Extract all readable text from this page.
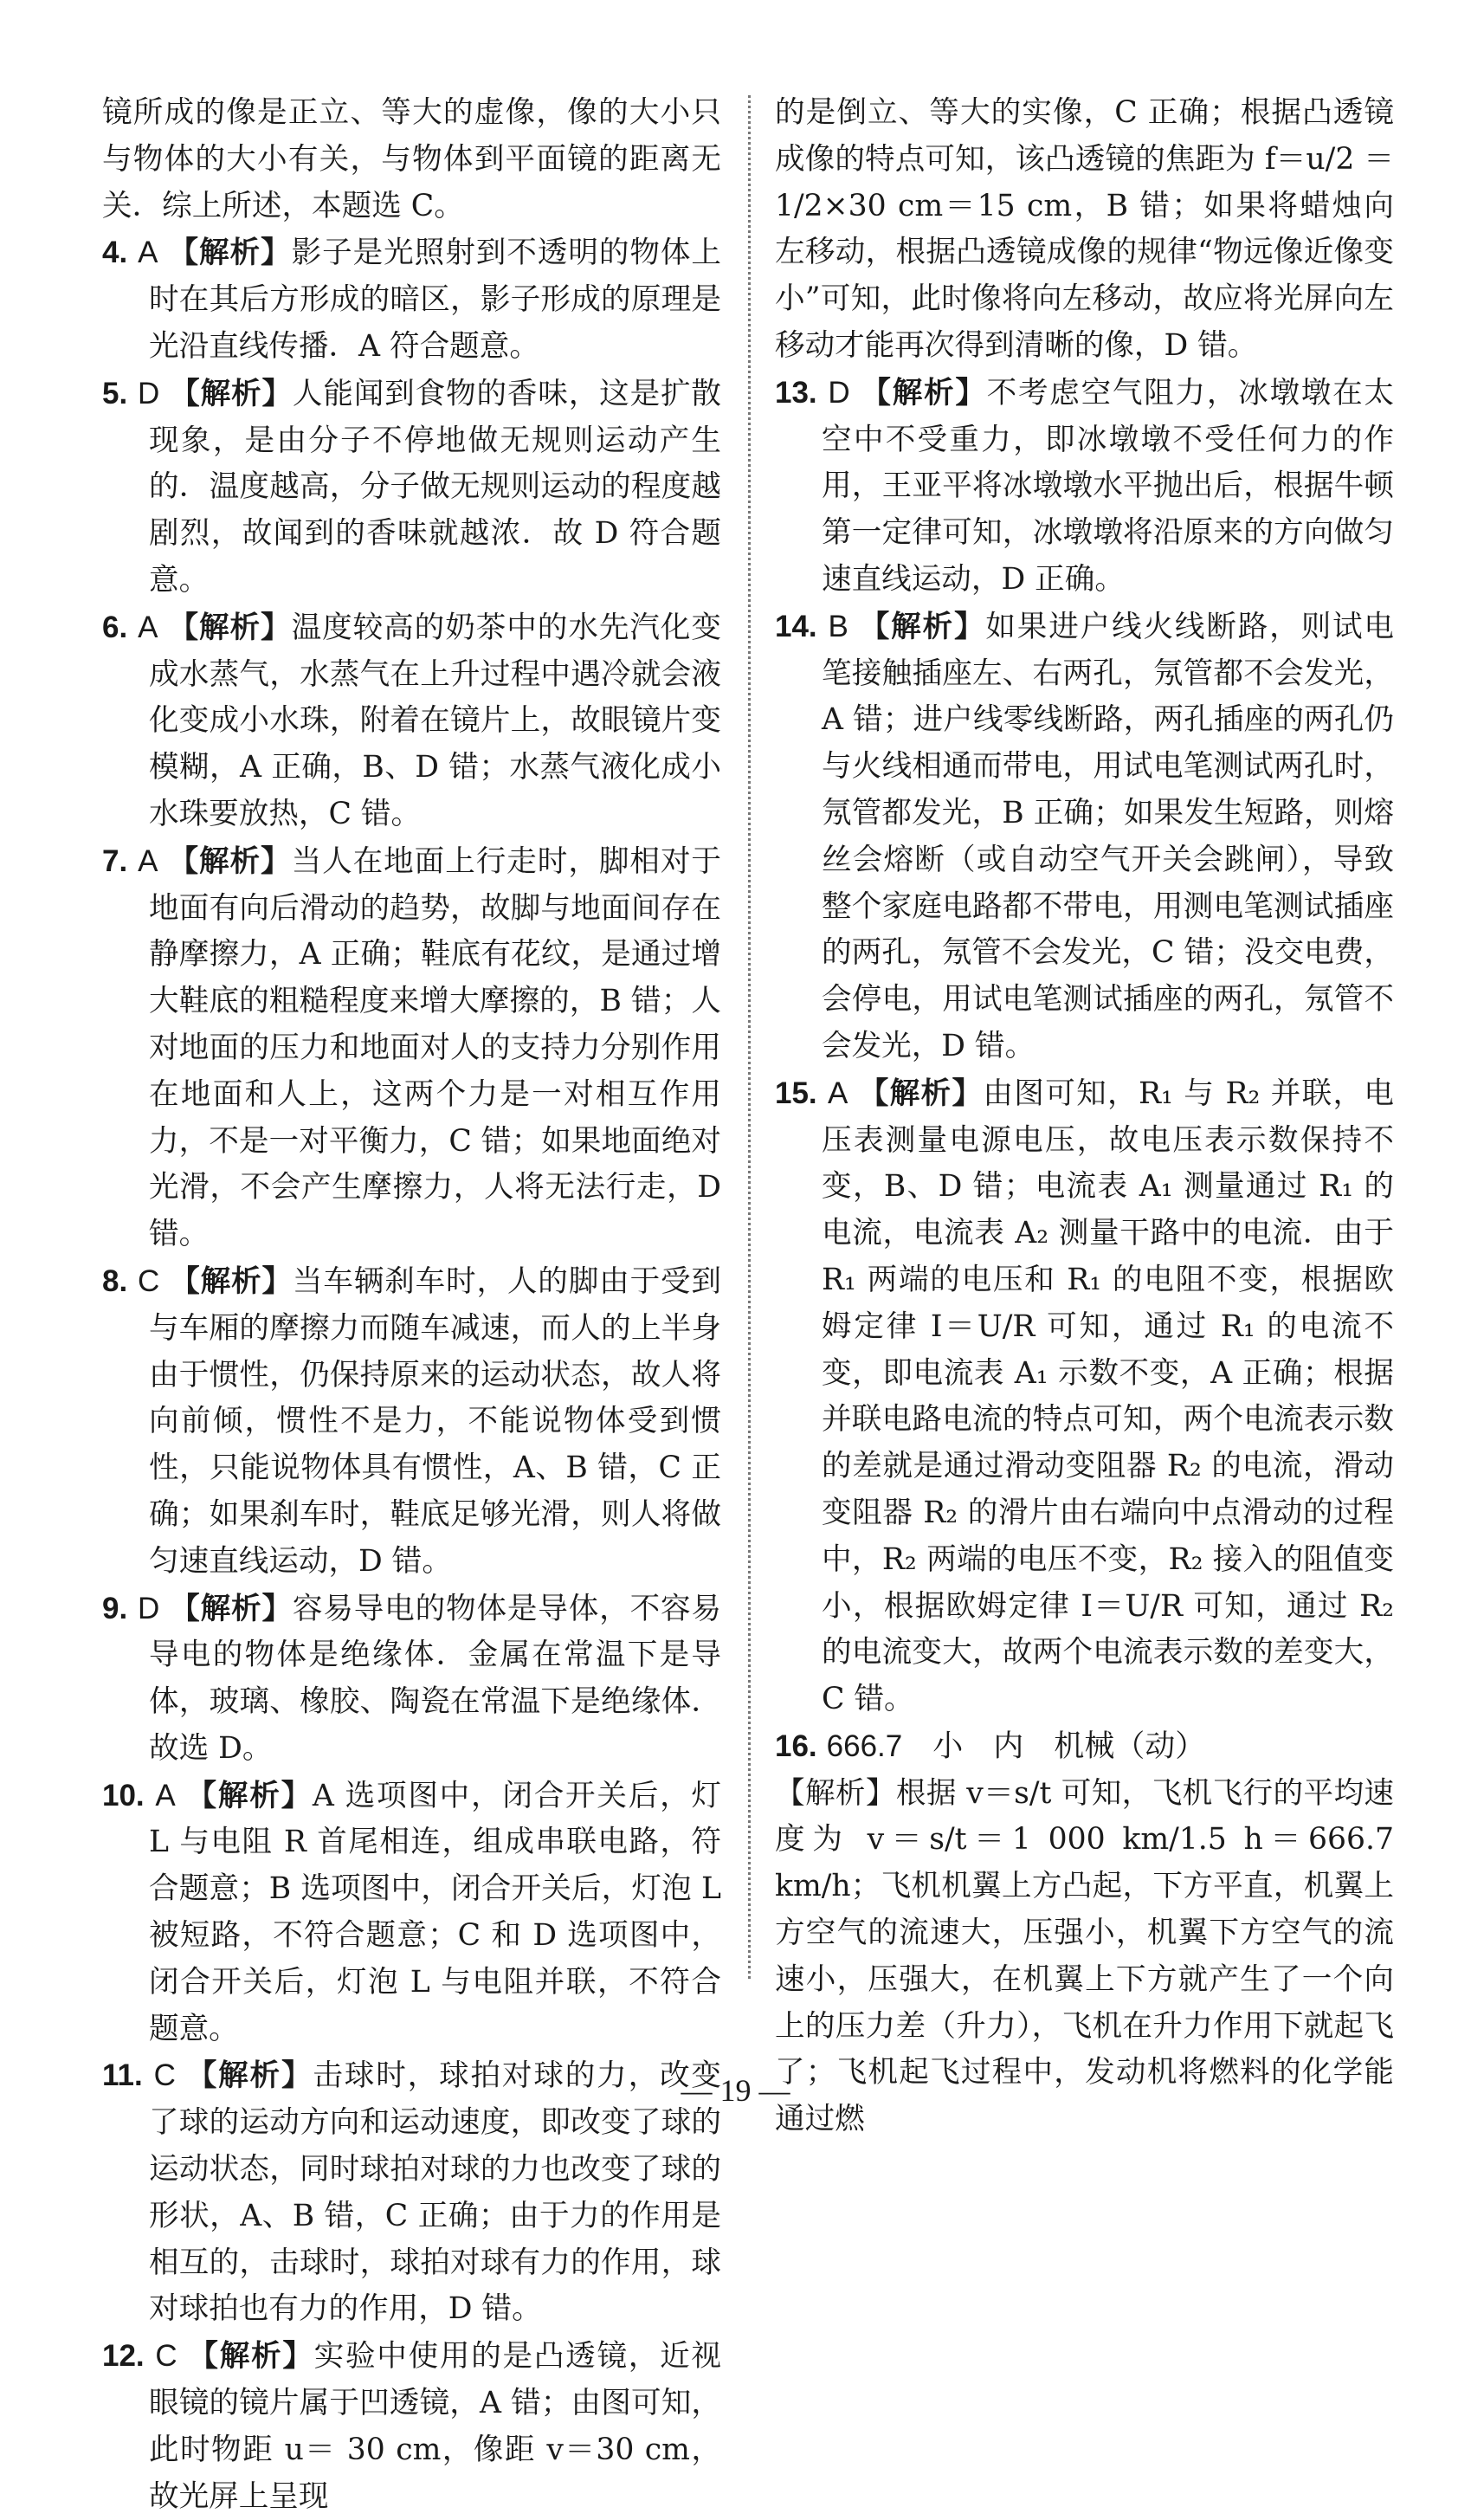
镜所成的像是正立、等大的虚像，像的大小只与物体的大小有关，与物体到平面镜的距离无关．综上所述，本题选 C。

4. A 【解析】影子是光照射到不透明的物体上时在其后方形成的暗区，影子形成的原理是光沿直线传播．A 符合题意。

5. D 【解析】人能闻到食物的香味，这是扩散现象，是由分子不停地做无规则运动产生的．温度越高，分子做无规则运动的程度越剧烈，故闻到的香味就越浓．故 D 符合题意。

6. A 【解析】温度较高的奶茶中的水先汽化变成水蒸气，水蒸气在上升过程中遇冷就会液化变成小水珠，附着在镜片上，故眼镜片变模糊，A 正确，B、D 错；水蒸气液化成小水珠要放热，C 错。

7. A 【解析】当人在地面上行走时，脚相对于地面有向后滑动的趋势，故脚与地面间存在静摩擦力，A 正确；鞋底有花纹，是通过增大鞋底的粗糙程度来增大摩擦的，B 错；人对地面的压力和地面对人的支持力分别作用在地面和人上，这两个力是一对相互作用力，不是一对平衡力，C 错；如果地面绝对光滑，不会产生摩擦力，人将无法行走，D 错。

8. C 【解析】当车辆刹车时，人的脚由于受到与车厢的摩擦力而随车减速，而人的上半身由于惯性，仍保持原来的运动状态，故人将向前倾，惯性不是力，不能说物体受到惯性，只能说物体具有惯性，A、B 错，C 正确；如果刹车时，鞋底足够光滑，则人将做匀速直线运动，D 错。

9. D 【解析】容易导电的物体是导体，不容易导电的物体是绝缘体．金属在常温下是导体，玻璃、橡胶、陶瓷在常温下是绝缘体．故选 D。

10. A 【解析】A 选项图中，闭合开关后，灯 L 与电阻 R 首尾相连，组成串联电路，符合题意；B 选项图中，闭合开关后，灯泡 L 被短路，不符合题意；C 和 D 选项图中，闭合开关后，灯泡 L 与电阻并联，不符合题意。

11. C 【解析】击球时，球拍对球的力，改变了球的运动方向和运动速度，即改变了球的运动状态，同时球拍对球的力也改变了球的形状，A、B 错，C 正确；由于力的作用是相互的，击球时，球拍对球有力的作用，球对球拍也有力的作用，D 错。

12. C 【解析】实验中使用的是凸透镜，近视眼镜的镜片属于凹透镜，A 错；由图可知，此时物距 u＝ 30 cm，像距 v＝30 cm，故光屏上呈现

的是倒立、等大的实像，C 正确；根据凸透镜成像的特点可知，该凸透镜的焦距为 f＝u/2 ＝1/2×30 cm＝15 cm，B 错；如果将蜡烛向左移动，根据凸透镜成像的规律“物远像近像变小”可知，此时像将向左移动，故应将光屏向左移动才能再次得到清晰的像，D 错。

13. D 【解析】不考虑空气阻力，冰墩墩在太空中不受重力，即冰墩墩不受任何力的作用，王亚平将冰墩墩水平抛出后，根据牛顿第一定律可知，冰墩墩将沿原来的方向做匀速直线运动，D 正确。

14. B 【解析】如果进户线火线断路，则试电笔接触插座左、右两孔，氖管都不会发光，A 错；进户线零线断路，两孔插座的两孔仍与火线相通而带电，用试电笔测试两孔时，氖管都发光，B 正确；如果发生短路，则熔丝会熔断（或自动空气开关会跳闸），导致整个家庭电路都不带电，用测电笔测试插座的两孔，氖管不会发光，C 错；没交电费，会停电，用试电笔测试插座的两孔，氖管不会发光，D 错。

15. A 【解析】由图可知，R₁ 与 R₂ 并联，电压表测量电源电压，故电压表示数保持不变，B、D 错；电流表 A₁ 测量通过 R₁ 的电流，电流表 A₂ 测量干路中的电流．由于 R₁ 两端的电压和 R₁ 的电阻不变，根据欧姆定律 I＝U/R 可知，通过 R₁ 的电流不变，即电流表 A₁ 示数不变，A 正确；根据并联电路电流的特点可知，两个电流表示数的差就是通过滑动变阻器 R₂ 的电流，滑动变阻器 R₂ 的滑片由右端向中点滑动的过程中，R₂ 两端的电压不变，R₂ 接入的阻值变小，根据欧姆定律 I＝U/R 可知，通过 R₂ 的电流变大，故两个电流表示数的差变大，C 错。

16. 666.7　小　内　机械（动）

【解析】根据 v＝s/t 可知，飞机飞行的平均速度为 v＝s/t＝1 000 km/1.5 h＝666.7 km/h；飞机机翼上方凸起，下方平直，机翼上方空气的流速大，压强小，机翼下方空气的流速小，压强大，在机翼上下方就产生了一个向上的压力差（升力），飞机在升力作用下就起飞了；飞机起飞过程中，发动机将燃料的化学能通过燃

— 19 —
